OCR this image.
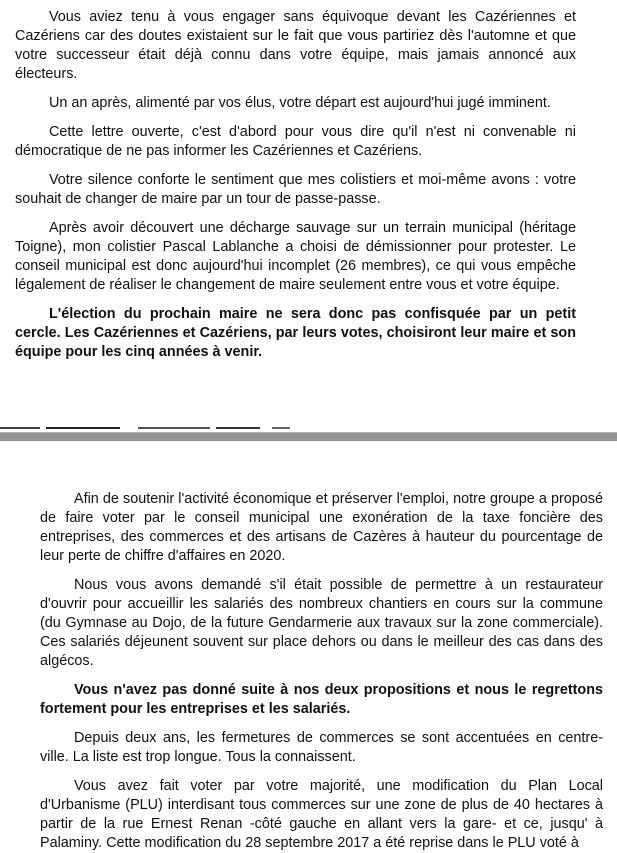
Vous aviez tenu à vous engager sans équivoque devant les Cazériennes et Cazériens car des doutes existaient sur le fait que vous partiriez dès l'automne et que votre successeur était déjà connu dans votre équipe, mais jamais annoncé aux électeurs.

Un an après, alimenté par vos élus, votre départ est aujourd'hui jugé imminent.

Cette lettre ouverte, c'est d'abord pour vous dire qu'il n'est ni convenable ni démocratique de ne pas informer les Cazériennes et Cazériens.

Votre silence conforte le sentiment que mes colistiers et moi-même avons : votre souhait de changer de maire par un tour de passe-passe.

Après avoir découvert une décharge sauvage sur un terrain municipal (héritage Toigne), mon colistier Pascal Lablanche a choisi de démissionner pour protester. Le conseil municipal est donc aujourd'hui incomplet (26 membres), ce qui vous empêche légalement de réaliser le changement de maire seulement entre vous et votre équipe.

L'élection du prochain maire ne sera donc pas confisquée par un petit cercle. Les Cazériennes et Cazériens, par leurs votes, choisiront leur maire et son équipe pour les cinq années à venir.

Afin de soutenir l'activité économique et préserver l'emploi, notre groupe a proposé de faire voter par le conseil municipal une exonération de la taxe foncière des entreprises, des commerces et des artisans de Cazères à hauteur du pourcentage de leur perte de chiffre d'affaires en 2020.

Nous vous avons demandé s'il était possible de permettre à un restaurateur d'ouvrir pour accueillir les salariés des nombreux chantiers en cours sur la commune (du Gymnase au Dojo, de la future Gendarmerie aux travaux sur la zone commerciale). Ces salariés déjeunent souvent sur place dehors ou dans le meilleur des cas dans des algécos.

Vous n'avez pas donné suite à nos deux propositions et nous le regrettons fortement pour les entreprises et les salariés.

Depuis deux ans, les fermetures de commerces se sont accentuées en centre-ville. La liste est trop longue. Tous la connaissent.

Vous avez fait voter par votre majorité, une modification du Plan Local d'Urbanisme (PLU) interdisant tous commerces sur une zone de plus de 40 hectares à partir de la rue Ernest Renan -côté gauche en allant vers la gare- et ce, jusqu' à Palaminy. Cette modification du 28 septembre 2017 a été reprise dans le PLU voté à
